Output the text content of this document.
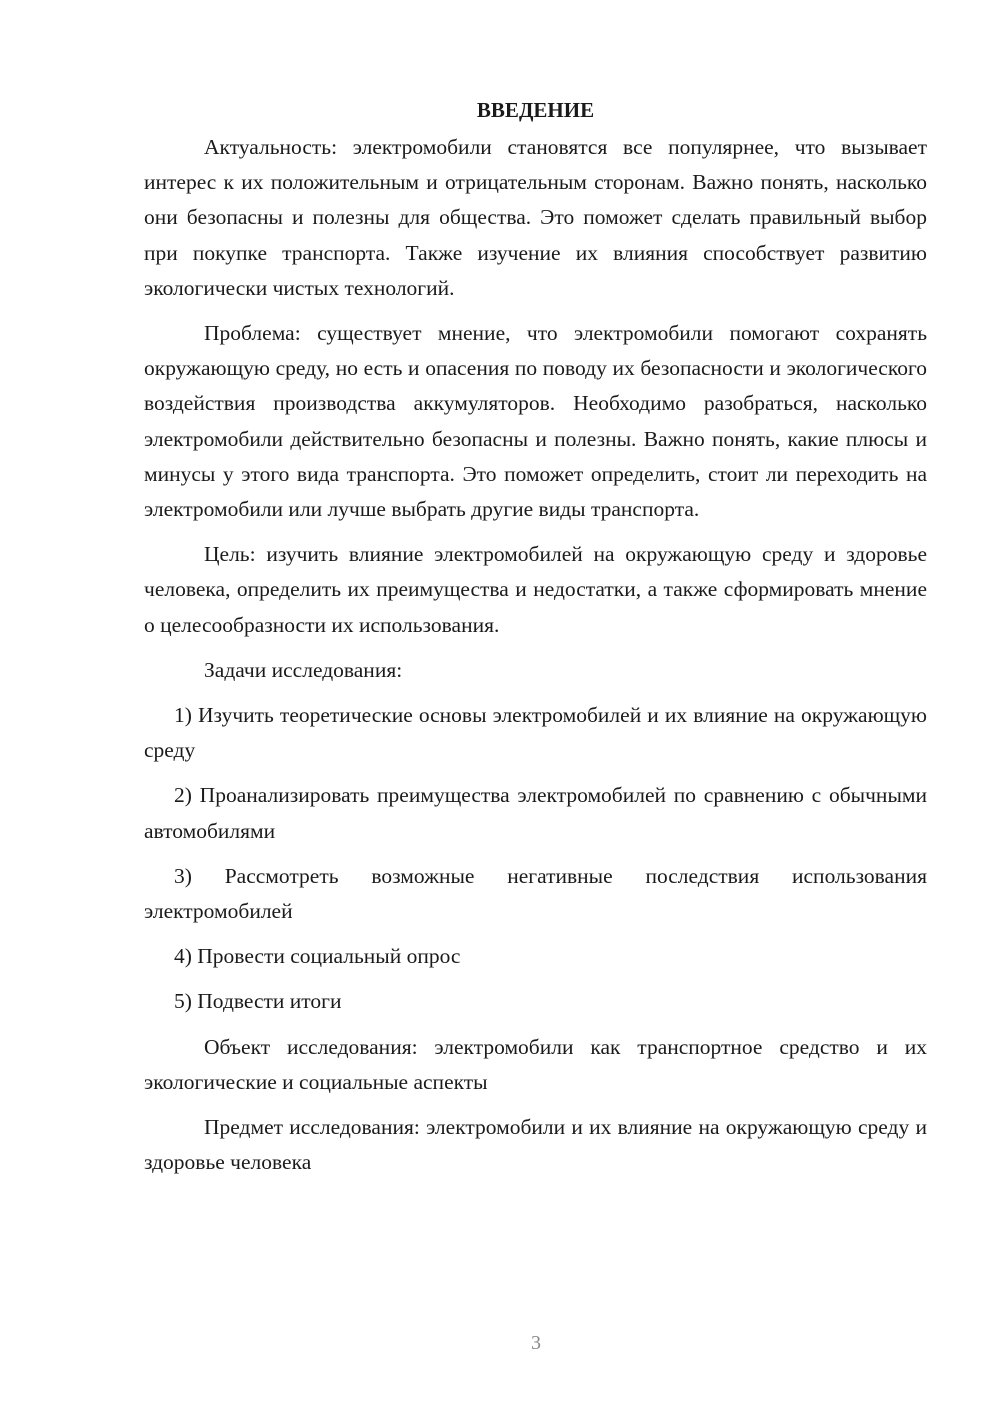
ВВЕДЕНИЕ

Актуальность: электромобили становятся все популярнее, что вызывает интерес к их положительным и отрицательным сторонам. Важно понять, насколько они безопасны и полезны для общества. Это поможет сделать правильный выбор при покупке транспорта. Также изучение их влияния способствует развитию экологически чистых технологий.

Проблема: существует мнение, что электромобили помогают сохранять окружающую среду, но есть и опасения по поводу их безопасности и экологического воздействия производства аккумуляторов. Необходимо разобраться, насколько электромобили действительно безопасны и полезны. Важно понять, какие плюсы и минусы у этого вида транспорта. Это поможет определить, стоит ли переходить на электромобили или лучше выбрать другие виды транспорта.

Цель: изучить влияние электромобилей на окружающую среду и здоровье человека, определить их преимущества и недостатки, а также сформировать мнение о целесообразности их использования.

Задачи исследования:

1) Изучить теоретические основы электромобилей и их влияние на окружающую среду

2) Проанализировать преимущества электромобилей по сравнению с обычными автомобилями

3) Рассмотреть возможные негативные последствия использования электромобилей

4) Провести социальный опрос

5) Подвести итоги

Объект исследования: электромобили как транспортное средство и их экологические и социальные аспекты

Предмет исследования: электромобили и их влияние на окружающую среду и здоровье человека

3
